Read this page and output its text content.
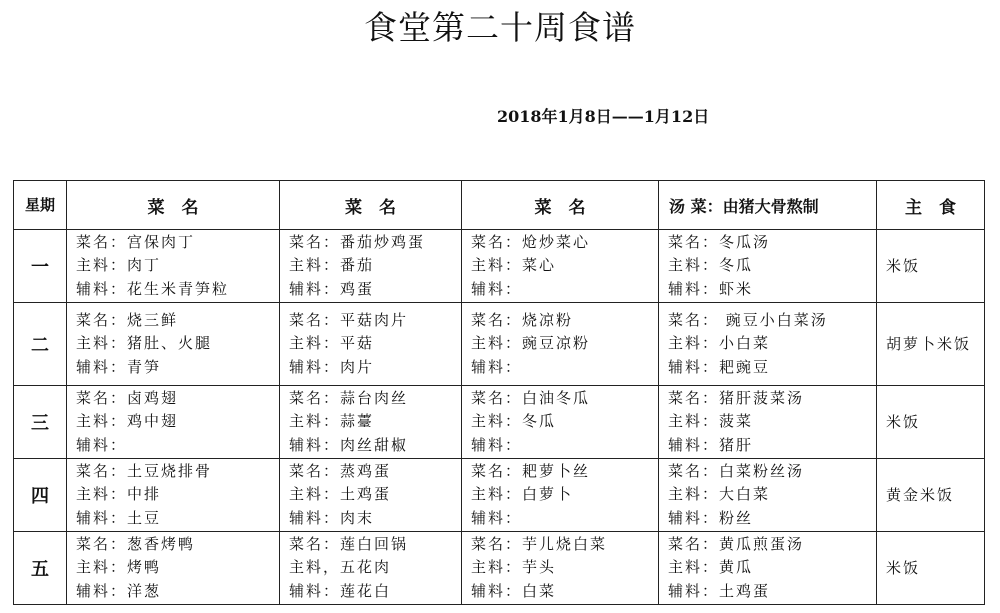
食堂第二十周食谱
2018年1月8日——1月12日
星期	菜　名	菜　名	菜　名	汤 菜：由猪大骨熬制	主　食
一	菜名：宫保肉丁
主料：肉丁
辅料：花生米青笋粒	菜名：番茄炒鸡蛋
主料：番茄
辅料：鸡蛋	菜名：炝炒菜心
主料：菜心
辅料：	菜名：冬瓜汤
主料：冬瓜
辅料：虾米	米饭
二	菜名：烧三鲜
主料：猪肚、火腿
辅料：青笋	菜名：平菇肉片
主料：平菇
辅料：肉片	菜名：烧凉粉
主料：豌豆凉粉
辅料：	菜名： 豌豆小白菜汤
主料：小白菜
辅料：耙豌豆	胡萝卜米饭
三	菜名：卤鸡翅
主料：鸡中翅
辅料：	菜名：蒜台肉丝
主料：蒜薹
辅料：肉丝甜椒	菜名：白油冬瓜
主料：冬瓜
辅料：	菜名：猪肝菠菜汤
主料：菠菜
辅料：猪肝	米饭
四	菜名：土豆烧排骨
主料：中排
辅料：土豆	菜名：蒸鸡蛋
主料：土鸡蛋
辅料：肉末	菜名：耙萝卜丝
主料：白萝卜
辅料：	菜名：白菜粉丝汤
主料：大白菜
辅料：粉丝	黄金米饭
五	菜名：葱香烤鸭
主料：烤鸭
辅料：洋葱	菜名：莲白回锅
主料，五花肉
辅料：莲花白	菜名：芋儿烧白菜
主料：芋头
辅料：白菜	菜名：黄瓜煎蛋汤
主料：黄瓜
辅料：土鸡蛋	米饭
